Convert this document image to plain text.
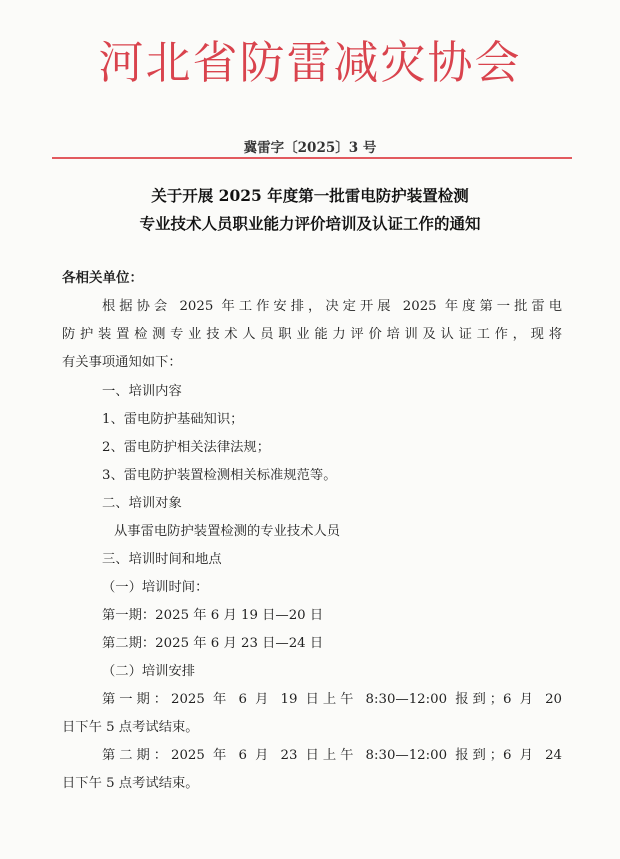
河北省防雷减灾协会
冀雷字〔2025〕3 号
关于开展 2025 年度第一批雷电防护装置检测
专业技术人员职业能力评价培训及认证工作的通知
各相关单位：
根据协会 2025 年工作安排，决定开展 2025 年度第一批雷电
防护装置检测专业技术人员职业能力评价培训及认证工作，现将
有关事项通知如下：
一、培训内容
1、雷电防护基础知识；
2、雷电防护相关法律法规；
3、雷电防护装置检测相关标准规范等。
二、培训对象
从事雷电防护装置检测的专业技术人员
三、培训时间和地点
（一）培训时间：
第一期：2025 年 6 月 19 日—20 日
第二期：2025 年 6 月 23 日—24 日
（二）培训安排
第一期：2025 年 6 月 19 日上午 8:30—12:00 报到；6 月 20
日下午 5 点考试结束。
第二期：2025 年 6 月 23 日上午 8:30—12:00 报到；6 月 24
日下午 5 点考试结束。
